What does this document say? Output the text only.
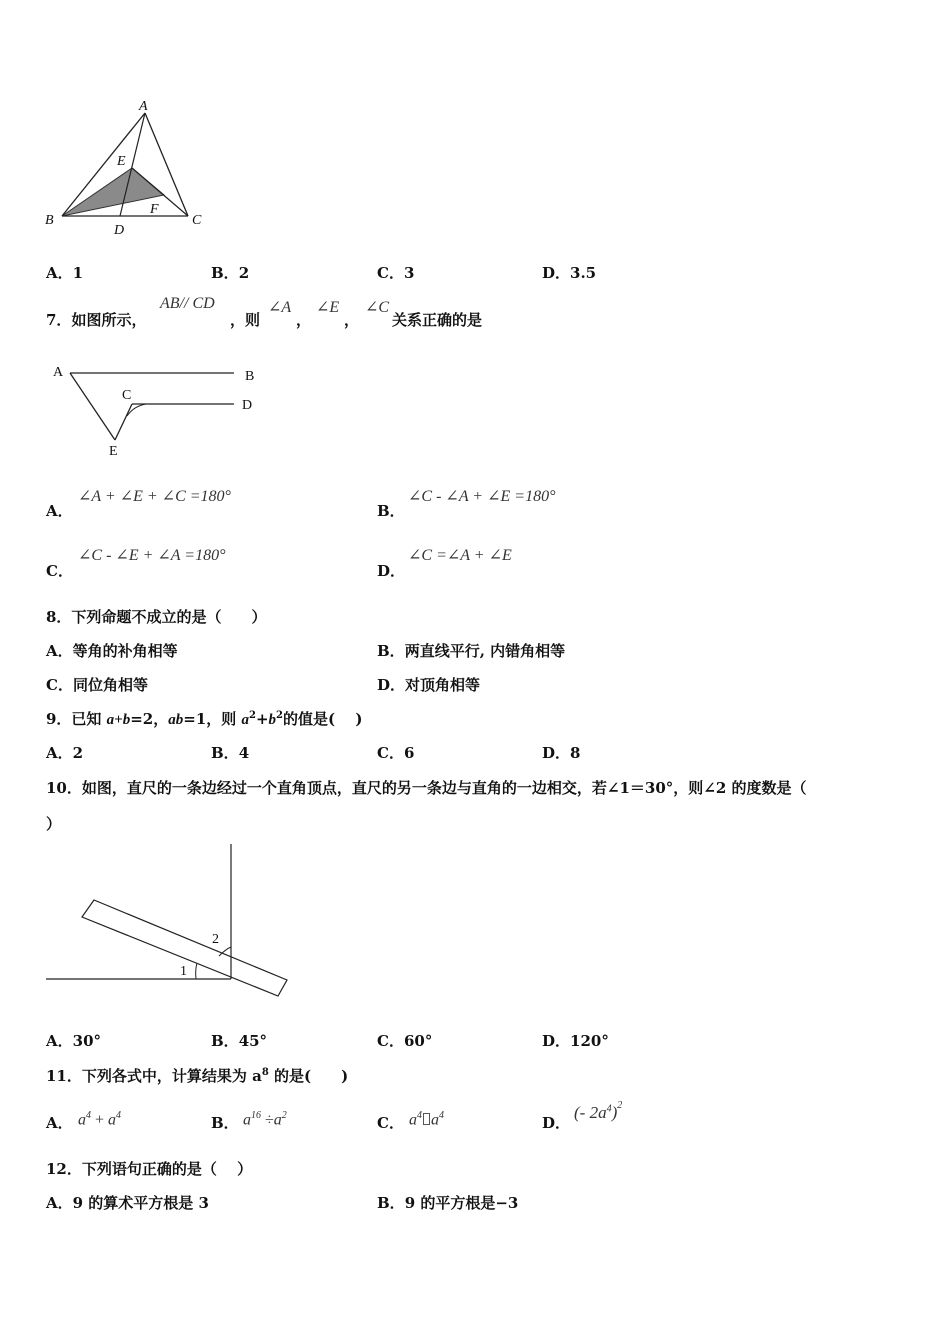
A
B	C
D
E
F
A．1	B．2	C．3	D．3.5
7．如图所示，
AB// CD
，则
∠A
，
∠E
，
∠C
关系正确的是
A	B
C
D
E
A．
∠A + ∠E + ∠C =180°
B．
∠C - ∠A + ∠E =180°
C．
∠C - ∠E + ∠A =180°
D．
∠C =∠A + ∠E
8．下列命题不成立的是（　　）
A．等角的补角相等	B．两直线平行, 内错角相等
C．同位角相等	D．对顶角相等
9．已知 a+b=2，ab=1，则 $a^2+b^2$的值是(　 )
A．2	B．4	C．6	D．8
10．如图，直尺的一条边经过一个直角顶点，直尺的另一条边与直角的一边相交，若∠1＝30°，则∠2 的度数是（
）
1
2
A．30°	B．45°	C．60°	D．120°
11．下列各式中，计算结果为 $a^8$ 的是(　　)
A． $a^4 + a^4$	B． $a^{16} \div a^2$	C． $a^4$ $a^4$	D．
(- $2a^4)^2$
12．下列语句正确的是（　 ）
A．9 的算术平方根是 3	B．9 的平方根是−3
